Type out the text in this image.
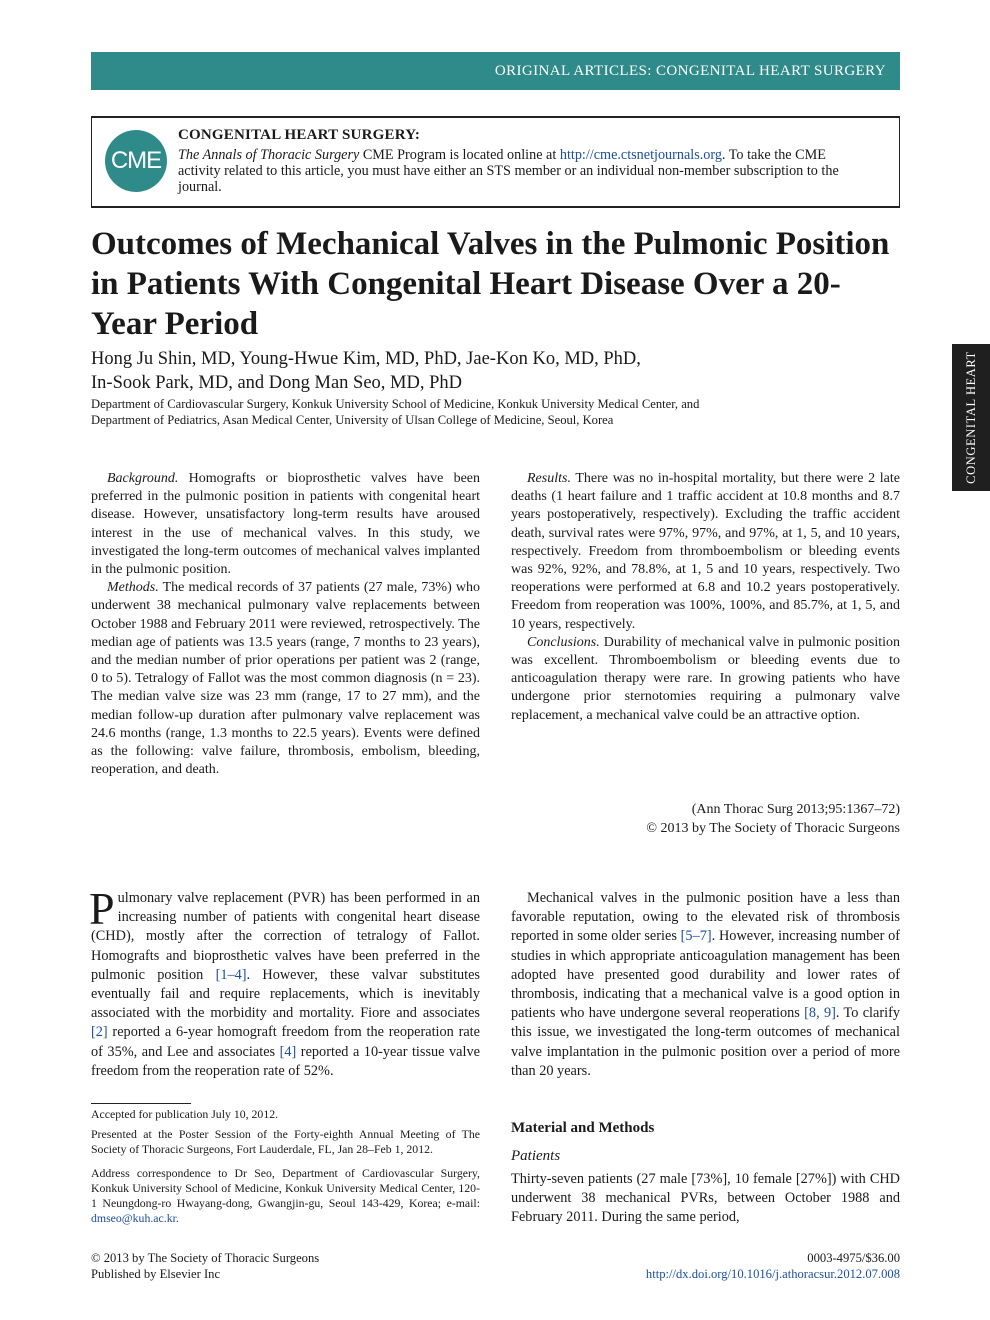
ORIGINAL ARTICLES: CONGENITAL HEART SURGERY
CME
CONGENITAL HEART SURGERY:
The Annals of Thoracic Surgery CME Program is located online at http://cme.ctsnetjournals.org. To take the CME activity related to this article, you must have either an STS member or an individual non-member subscription to the journal.
CONGENITAL HEART
Outcomes of Mechanical Valves in the Pulmonic Position in Patients With Congenital Heart Disease Over a 20-Year Period
Hong Ju Shin, MD, Young-Hwue Kim, MD, PhD, Jae-Kon Ko, MD, PhD,
In-Sook Park, MD, and Dong Man Seo, MD, PhD
Department of Cardiovascular Surgery, Konkuk University School of Medicine, Konkuk University Medical Center, and
Department of Pediatrics, Asan Medical Center, University of Ulsan College of Medicine, Seoul, Korea

Background. Homografts or bioprosthetic valves have been preferred in the pulmonic position in patients with congenital heart disease. However, unsatisfactory long-term results have aroused interest in the use of mechanical valves. In this study, we investigated the long-term outcomes of mechanical valves implanted in the pulmonic position.

Methods. The medical records of 37 patients (27 male, 73%) who underwent 38 mechanical pulmonary valve replacements between October 1988 and February 2011 were reviewed, retrospectively. The median age of patients was 13.5 years (range, 7 months to 23 years), and the median number of prior operations per patient was 2 (range, 0 to 5). Tetralogy of Fallot was the most common diagnosis (n = 23). The median valve size was 23 mm (range, 17 to 27 mm), and the median follow-up duration after pulmonary valve replacement was 24.6 months (range, 1.3 months to 22.5 years). Events were defined as the following: valve failure, thrombosis, embolism, bleeding, reoperation, and death.

Results. There was no in-hospital mortality, but there were 2 late deaths (1 heart failure and 1 traffic accident at 10.8 months and 8.7 years postoperatively, respectively). Excluding the traffic accident death, survival rates were 97%, 97%, and 97%, at 1, 5, and 10 years, respectively. Freedom from thromboembolism or bleeding events was 92%, 92%, and 78.8%, at 1, 5 and 10 years, respectively. Two reoperations were performed at 6.8 and 10.2 years postoperatively. Freedom from reoperation was 100%, 100%, and 85.7%, at 1, 5, and 10 years, respectively.

Conclusions. Durability of mechanical valve in pulmonic position was excellent. Thromboembolism or bleeding events due to anticoagulation therapy were rare. In growing patients who have undergone prior sternotomies requiring a pulmonary valve replacement, a mechanical valve could be an attractive option.

(Ann Thorac Surg 2013;95:1367–72)
© 2013 by The Society of Thoracic Surgeons

Pulmonary valve replacement (PVR) has been performed in an increasing number of patients with congenital heart disease (CHD), mostly after the correction of tetralogy of Fallot. Homografts and bioprosthetic valves have been preferred in the pulmonic position [1–4]. However, these valvar substitutes eventually fail and require replacements, which is inevitably associated with the morbidity and mortality. Fiore and associates [2] reported a 6-year homograft freedom from the reoperation rate of 35%, and Lee and associates [4] reported a 10-year tissue valve freedom from the reoperation rate of 52%.

Mechanical valves in the pulmonic position have a less than favorable reputation, owing to the elevated risk of thrombosis reported in some older series [5–7]. However, increasing number of studies in which appropriate anticoagulation management has been adopted have presented good durability and lower rates of thrombosis, indicating that a mechanical valve is a good option in patients who have undergone several reoperations [8, 9]. To clarify this issue, we investigated the long-term outcomes of mechanical valve implantation in the pulmonic position over a period of more than 20 years.

Material and Methods
Patients
Thirty-seven patients (27 male [73%], 10 female [27%]) with CHD underwent 38 mechanical PVRs, between October 1988 and February 2011. During the same period,
Accepted for publication July 10, 2012.
Presented at the Poster Session of the Forty-eighth Annual Meeting of The Society of Thoracic Surgeons, Fort Lauderdale, FL, Jan 28–Feb 1, 2012.
Address correspondence to Dr Seo, Department of Cardiovascular Surgery, Konkuk University School of Medicine, Konkuk University Medical Center, 120-1 Neungdong-ro Hwayang-dong, Gwangjin-gu, Seoul 143-429, Korea; e-mail: dmseo@kuh.ac.kr.
© 2013 by The Society of Thoracic Surgeons
Published by Elsevier Inc
0003-4975/$36.00
http://dx.doi.org/10.1016/j.athoracsur.2012.07.008
